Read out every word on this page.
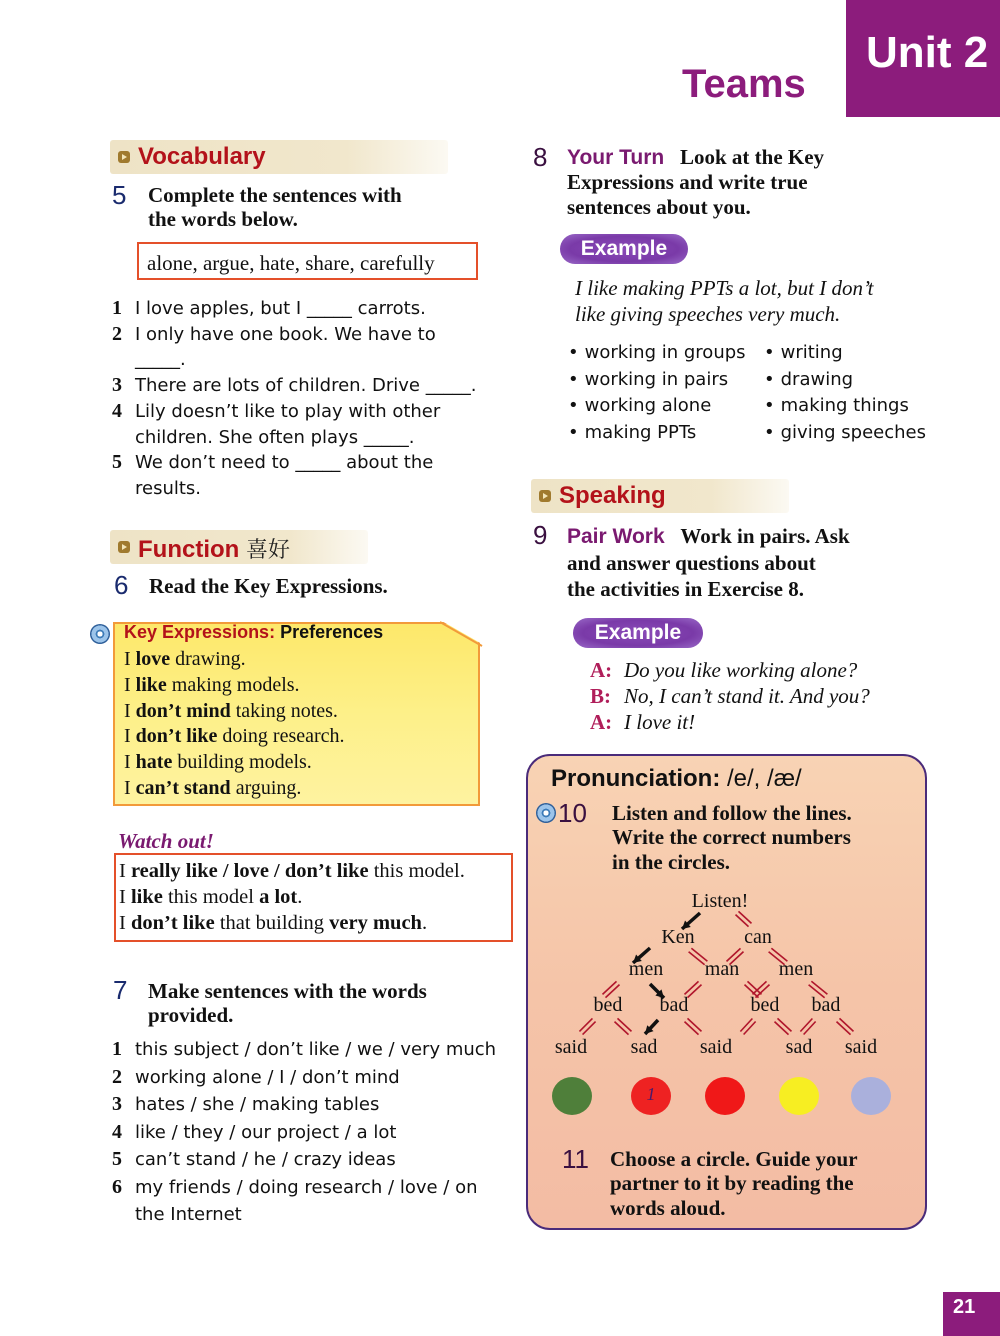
Unit 2
Teams
Vocabulary
5 Complete the sentences with
the words below.
alone, argue, hate, share, carefully
1 I love apples, but I _____ carrots.
2 I only have one book. We have to
_____.
3 There are lots of children. Drive _____.
4 Lily doesn’t like to play with other
children. She often plays _____.
5 We don’t need to _____ about the
results.
Function 喜好
6 Read the Key Expressions.
Key Expressions: Preferences
I love drawing.
I like making models.
I don’t mind taking notes.
I don’t like doing research.
I hate building models.
I can’t stand arguing.
Watch out!
I really like / love / don’t like this model.
I like this model a lot.
I don’t like that building very much.
7 Make sentences with the words
provided.
1 this subject / don’t like / we / very much
2 working alone / I / don’t mind
3 hates / she / making tables
4 like / they / our project / a lot
5 can’t stand / he / crazy ideas
6 my friends / doing research / love / on
the Internet
8 Your Turn Look at the Key
Expressions and write true
sentences about you.
Example
I like making PPTs a lot, but I don’t
like giving speeches very much.
• working in groups
• working in pairs
• working alone
• making PPTs
• writing
• drawing
• making things
• giving speeches
Speaking
9 Pair Work Work in pairs. Ask
and answer questions about
the activities in Exercise 8.
Example
A: Do you like working alone?
B: No, I can’t stand it. And you?
A: I love it!
Pronunciation: /e/, /æ/
10 Listen and follow the lines.
Write the correct numbers
in the circles.
Listen!
Ken can
men man men
bed bad	bed bad
said sad said	sad said
1
11 Choose a circle. Guide your
partner to it by reading the
words aloud.
21
